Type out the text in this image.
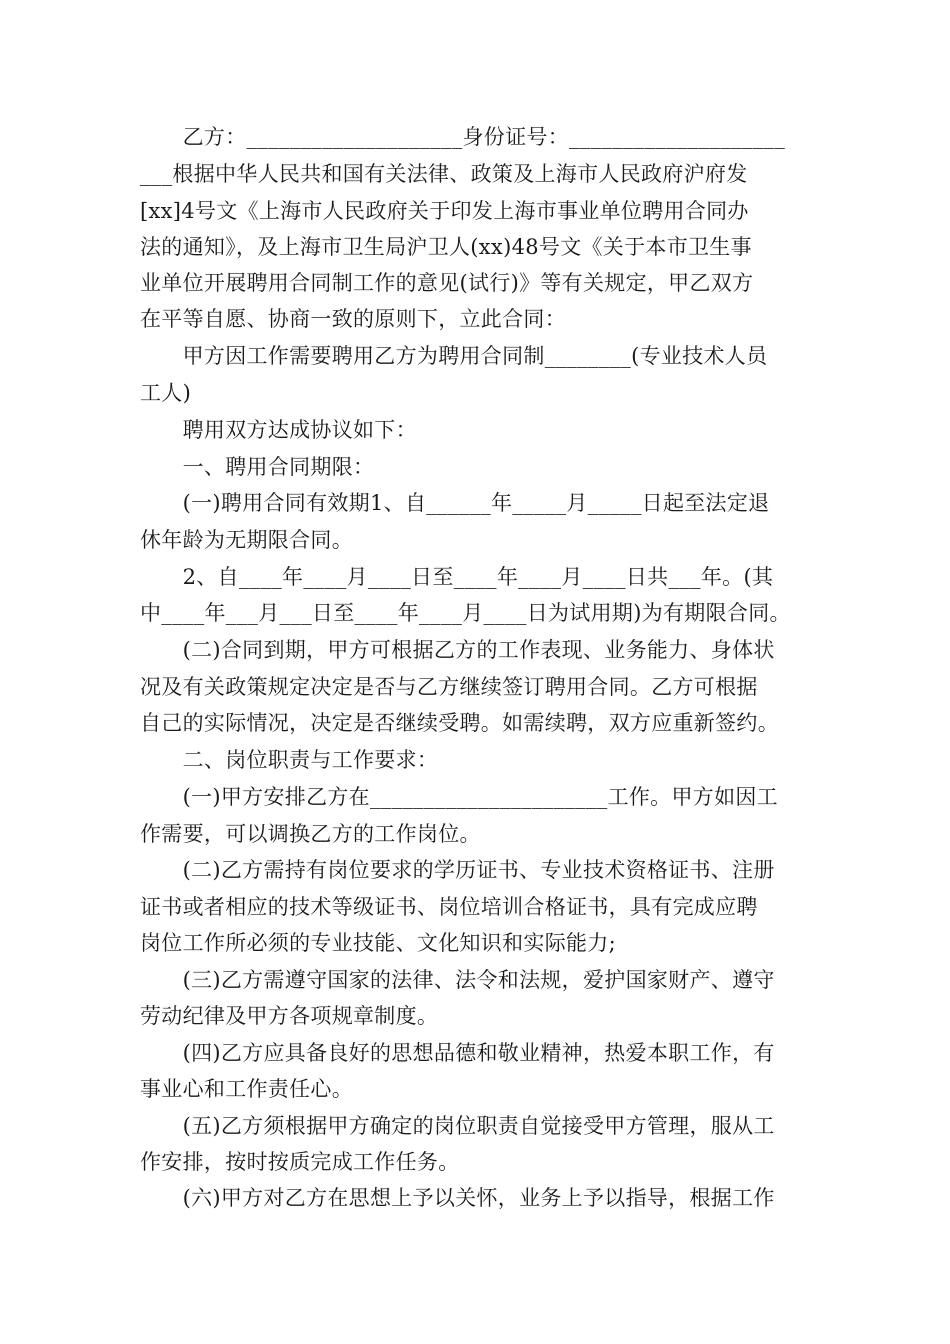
　　乙方：____________________身份证号：____________________
___根据中华人民共和国有关法律、政策及上海市人民政府沪府发
[xx]4号文《上海市人民政府关于印发上海市事业单位聘用合同办
法的通知》，及上海市卫生局沪卫人(xx)48号文《关于本市卫生事
业单位开展聘用合同制工作的意见(试行)》等有关规定，甲乙双方
在平等自愿、协商一致的原则下，立此合同：
　　甲方因工作需要聘用乙方为聘用合同制________(专业技术人员
工人)
　　聘用双方达成协议如下：
　　一、聘用合同期限：
　　(一)聘用合同有效期1、自______年_____月_____日起至法定退
休年龄为无期限合同。
　　2、自____年____月____日至____年____月____日共___年。(其
中____年___月___日至____年____月____日为试用期)为有期限合同。
　　(二)合同到期，甲方可根据乙方的工作表现、业务能力、身体状
况及有关政策规定决定是否与乙方继续签订聘用合同。乙方可根据
自己的实际情况，决定是否继续受聘。如需续聘，双方应重新签约。
　　二、岗位职责与工作要求：
　　(一)甲方安排乙方在______________________工作。甲方如因工
作需要，可以调换乙方的工作岗位。
　　(二)乙方需持有岗位要求的学历证书、专业技术资格证书、注册
证书或者相应的技术等级证书、岗位培训合格证书，具有完成应聘
岗位工作所必须的专业技能、文化知识和实际能力;
　　(三)乙方需遵守国家的法律、法令和法规，爱护国家财产、遵守
劳动纪律及甲方各项规章制度。
　　(四)乙方应具备良好的思想品德和敬业精神，热爱本职工作，有
事业心和工作责任心。
　　(五)乙方须根据甲方确定的岗位职责自觉接受甲方管理，服从工
作安排，按时按质完成工作任务。
　　(六)甲方对乙方在思想上予以关怀，业务上予以指导，根据工作
